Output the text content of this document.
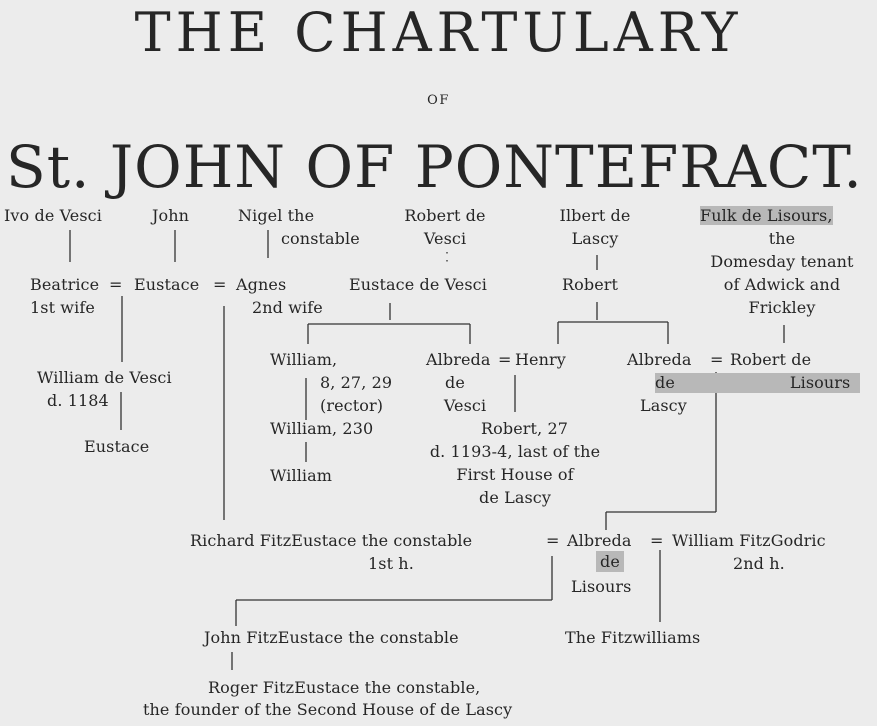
THE CHARTULARY
OF
St. JOHN OF PONTEFRACT.
Ivo de Vesci	John	Nigel the
constable
Robert de
Vesci
Ilbert de
Lascy
Fulk de Lisours,
the
Domesday tenant
of Adwick and
Frickley
Beatrice = Eustace = Agnes
1st wife	2nd wife
Eustace de Vesci	Robert
William,
8, 27, 29
(rector)
William, 230
William
Albreda = Henry
de
Vesci
Albreda = Robert de
de	Lisours
Lascy
William de Vesci
d. 1184
Eustace
Robert, 27
d. 1193-4, last of the
First House of
de Lascy
Richard FitzEustace the constable
1st h.
= Albreda = William FitzGodric
de
Lisours
2nd h.
John FitzEustace the constable	The Fitzwilliams
Roger FitzEustace the constable,
the founder of the Second House of de Lascy
